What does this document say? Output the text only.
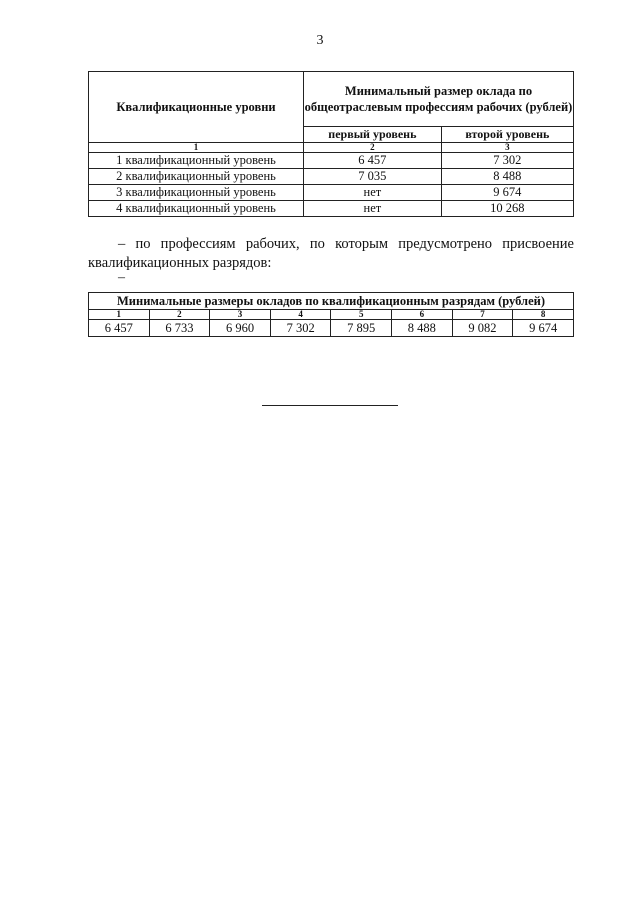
3
Квалификационные уровни	Минимальный размер оклада по общеотраслевым профессиям рабочих (рублей)	
	первый уровень	второй уровень
1	2	3
1 квалификационный уровень	6 457	7 302
2 квалификационный уровень	7 035	8 488
3 квалификационный уровень	нет	9 674
4 квалификационный уровень	нет	10 268
– по профессиям рабочих, по которым предусмотрено присвоение квалификационных разрядов:
–
Минимальные размеры окладов по квалификационным разрядам (рублей)							
1	2	3	4	5	6	7	8
6 457	6 733	6 960	7 302	7 895	8 488	9 082	9 674
